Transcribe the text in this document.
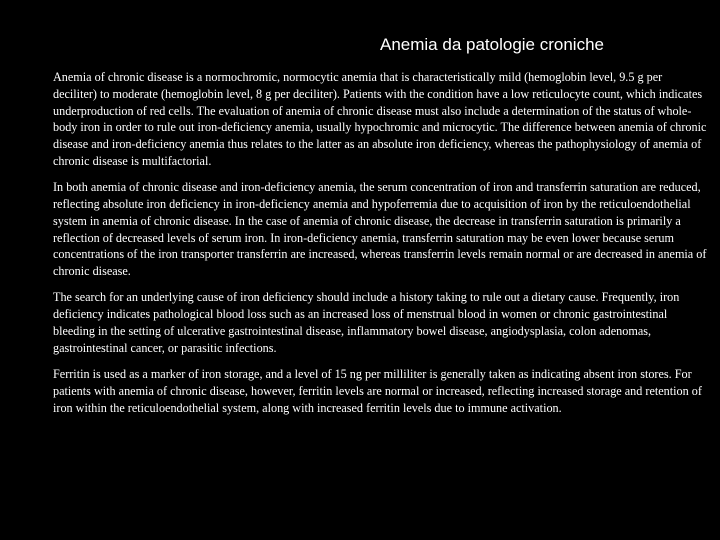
Anemia da patologie croniche

Anemia of chronic disease is a normochromic, normocytic anemia that is characteristically mild (hemoglobin level, 9.5 g per deciliter) to moderate (hemoglobin level, 8 g per deciliter). Patients with the condition have a low reticulocyte count, which indicates underproduction of red cells. The evaluation of anemia of chronic disease must also include a determination of the status of whole-body iron in order to rule out iron-deficiency anemia, usually hypochromic and microcytic. The difference between anemia of chronic disease and iron-deficiency anemia thus relates to the latter as an absolute iron deficiency, whereas the pathophysiology of anemia of chronic disease is multifactorial.

In both anemia of chronic disease and iron-deficiency anemia, the serum concentration of iron and transferrin saturation are reduced, reflecting absolute iron deficiency in iron-deficiency anemia and hypoferremia due to acquisition of iron by the reticuloendothelial system in anemia of chronic disease. In the case of anemia of chronic disease, the decrease in transferrin saturation is primarily a reflection of decreased levels of serum iron. In iron-deficiency anemia, transferrin saturation may be even lower because serum concentrations of the iron transporter transferrin are increased, whereas transferrin levels remain normal or are decreased in anemia of chronic disease.

The search for an underlying cause of iron deficiency should include a history taking to rule out a dietary cause. Frequently, iron deficiency indicates pathological blood loss such as an increased loss of menstrual blood in women or chronic gastrointestinal bleeding in the setting of ulcerative gastrointestinal disease, inflammatory bowel disease, angiodysplasia, colon adenomas, gastrointestinal cancer, or parasitic infections.

Ferritin is used as a marker of iron storage, and a level of 15 ng per milliliter is generally taken as indicating absent iron stores. For patients with anemia of chronic disease, however, ferritin levels are normal or increased, reflecting increased storage and retention of iron within the reticuloendothelial system, along with increased ferritin levels due to immune activation.
